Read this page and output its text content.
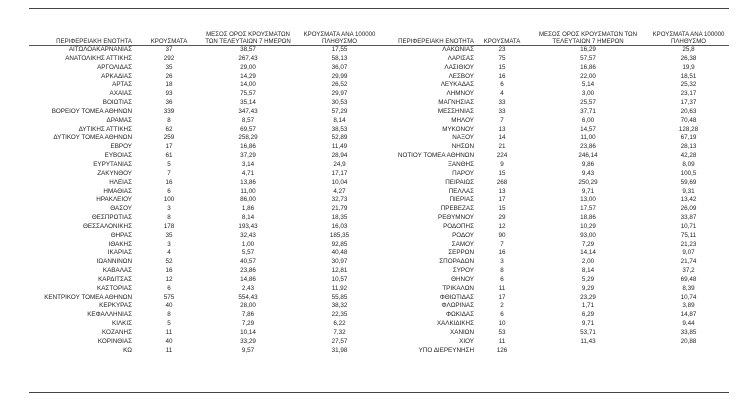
ΠΕΡΙΦΕΡΕΙΑΚΗ ΕΝΟΤΗΤΑ	ΚΡΟΥΣΜΑΤΑ	ΜΕΣΟΣ ΟΡΟΣ ΚΡΟΥΣΜΑΤΩΝ ΤΩΝ ΤΕΛΕΥΤΑΙΩΝ 7 ΗΜΕΡΩΝ	ΚΡΟΥΣΜΑΤΑ ΑΝΑ 100000 ΠΛΗΘΥΣΜΟ
ΑΙΤΩΛΟΑΚΑΡΝΑΝΙΑΣ	37	38,57	17,55
ΑΝΑΤΟΛΙΚΗΣ ΑΤΤΙΚΗΣ	292	267,43	58,13
ΑΡΓΟΛΙΔΑΣ	35	29,00	36,07
ΑΡΚΑΔΙΑΣ	26	14,29	29,99
ΑΡΤΑΣ	18	14,00	26,52
ΑΧΑΪΑΣ	93	75,57	29,97
ΒΟΙΩΤΙΑΣ	36	35,14	30,53
ΒΟΡΕΙΟΥ ΤΟΜΕΑ ΑΘΗΝΩΝ	339	347,43	57,29
ΔΡΑΜΑΣ	8	8,57	8,14
ΔΥΤΙΚΗΣ ΑΤΤΙΚΗΣ	62	69,57	38,53
ΔΥΤΙΚΟΥ ΤΟΜΕΑ ΑΘΗΝΩΝ	259	258,29	52,89
ΕΒΡΟΥ	17	16,86	11,49
ΕΥΒΟΙΑΣ	61	37,29	28,94
ΕΥΡΥΤΑΝΙΑΣ	5	3,14	24,9
ΖΑΚΥΝΘΟΥ	7	4,71	17,17
ΗΛΕΙΑΣ	16	13,86	10,04
ΗΜΑΘΙΑΣ	6	11,00	4,27
ΗΡΑΚΛΕΙΟΥ	100	86,00	32,73
ΘΑΣΟΥ	3	1,86	21,79
ΘΕΣΠΡΩΤΙΑΣ	8	8,14	18,35
ΘΕΣΣΑΛΟΝΙΚΗΣ	178	193,43	16,03
ΘΗΡΑΣ	35	32,43	185,35
ΙΘΑΚΗΣ	3	1,00	92,85
ΙΚΑΡΙΑΣ	4	5,57	40,48
ΙΩΑΝΝΙΝΩΝ	52	40,57	30,97
ΚΑΒΑΛΑΣ	16	23,86	12,81
ΚΑΡΔΙΤΣΑΣ	12	14,86	10,57
ΚΑΣΤΟΡΙΑΣ	6	2,43	11,92
ΚΕΝΤΡΙΚΟΥ ΤΟΜΕΑ ΑΘΗΝΩΝ	575	554,43	55,85
ΚΕΡΚΥΡΑΣ	40	28,00	38,32
ΚΕΦΑΛΛΗΝΙΑΣ	8	7,86	22,35
ΚΙΛΚΙΣ	5	7,29	6,22
ΚΟΖΑΝΗΣ	11	10,14	7,32
ΚΟΡΙΝΘΙΑΣ	40	33,29	27,57
ΚΩ	11	9,57	31,98
ΠΕΡΙΦΕΡΕΙΑΚΗ ΕΝΟΤΗΤΑ	ΚΡΟΥΣΜΑΤΑ	ΜΕΣΟΣ ΟΡΟΣ ΚΡΟΥΣΜΑΤΩΝ ΤΩΝ ΤΕΛΕΥΤΑΙΩΝ 7 ΗΜΕΡΩΝ	ΚΡΟΥΣΜΑΤΑ ΑΝΑ 100000 ΠΛΗΘΥΣΜΟ
ΛΑΚΩΝΙΑΣ	23	16,29	25,8
ΛΑΡΙΣΑΣ	75	57,57	26,38
ΛΑΣΙΘΙΟΥ	15	16,86	19,9
ΛΕΣΒΟΥ	16	22,00	18,51
ΛΕΥΚΑΔΑΣ	6	5,14	25,32
ΛΗΜΝΟΥ	4	3,00	23,17
ΜΑΓΝΗΣΙΑΣ	33	25,57	17,37
ΜΕΣΣΗΝΙΑΣ	33	37,71	20,63
ΜΗΛΟΥ	7	6,00	70,48
ΜΥΚΟΝΟΥ	13	14,57	128,28
ΝΑΞΟΥ	14	11,00	67,19
ΝΗΣΩΝ	21	23,86	28,13
ΝΟΤΙΟΥ ΤΟΜΕΑ ΑΘΗΝΩΝ	224	246,14	42,28
ΞΑΝΘΗΣ	9	9,86	8,09
ΠΑΡΟΥ	15	9,43	100,5
ΠΕΙΡΑΙΩΣ	268	250,29	59,69
ΠΕΛΛΑΣ	13	9,71	9,31
ΠΙΕΡΙΑΣ	17	13,00	13,42
ΠΡΕΒΕΖΑΣ	15	17,57	26,09
ΡΕΘΥΜΝΟΥ	29	18,86	33,87
ΡΟΔΟΠΗΣ	12	10,29	10,71
ΡΟΔΟΥ	90	93,00	75,11
ΣΑΜΟΥ	7	7,29	21,23
ΣΕΡΡΩΝ	16	14,14	9,07
ΣΠΟΡΑΔΩΝ	3	2,00	21,74
ΣΥΡΟΥ	8	8,14	37,2
ΘΗΝΟΥ	6	5,29	69,48
ΤΡΙΚΑΛΩΝ	11	9,29	8,39
ΦΘΙΩΤΙΔΑΣ	17	23,29	10,74
ΦΛΩΡΙΝΑΣ	2	1,71	3,89
ΦΩΚΙΔΑΣ	6	6,29	14,87
ΧΑΛΚΙΔΙΚΗΣ	10	9,71	9,44
ΧΑΝΙΩΝ	53	53,71	33,85
ΧΙΟΥ	11	11,43	20,88
ΥΠΟ ΔΙΕΡΕΥΝΗΣΗ	126		
